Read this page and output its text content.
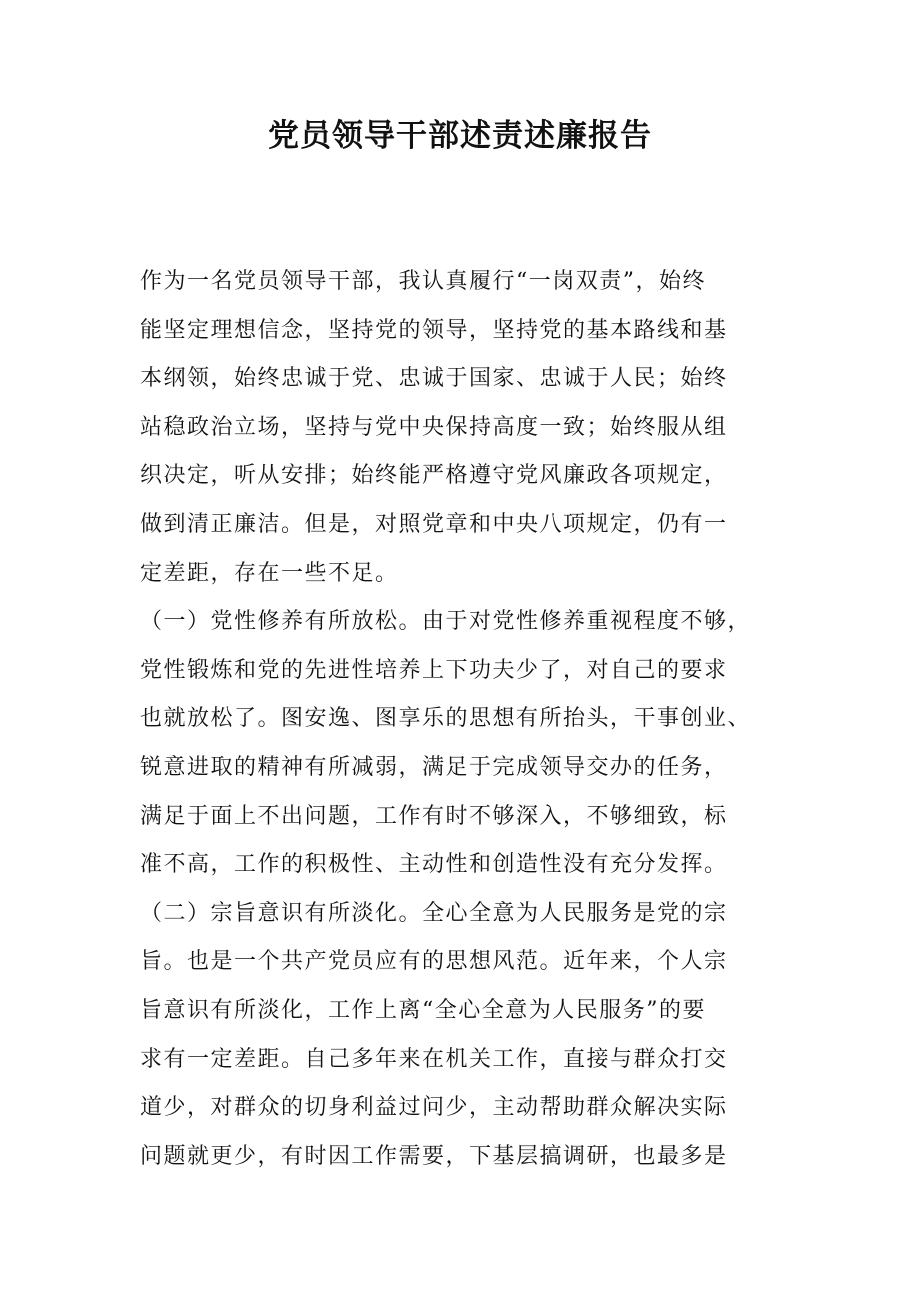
党员领导干部述责述廉报告
作为一名党员领导干部，我认真履行“一岗双责”，始终
能坚定理想信念，坚持党的领导，坚持党的基本路线和基
本纲领，始终忠诚于党、忠诚于国家、忠诚于人民；始终
站稳政治立场，坚持与党中央保持高度一致；始终服从组
织决定，听从安排；始终能严格遵守党风廉政各项规定，
做到清正廉洁。但是，对照党章和中央八项规定，仍有一
定差距，存在一些不足。
（一）党性修养有所放松。由于对党性修养重视程度不够，
党性锻炼和党的先进性培养上下功夫少了，对自己的要求
也就放松了。图安逸、图享乐的思想有所抬头，干事创业、
锐意进取的精神有所减弱，满足于完成领导交办的任务，
满足于面上不出问题，工作有时不够深入，不够细致，标
准不高，工作的积极性、主动性和创造性没有充分发挥。
（二）宗旨意识有所淡化。全心全意为人民服务是党的宗
旨。也是一个共产党员应有的思想风范。近年来，个人宗
旨意识有所淡化，工作上离“全心全意为人民服务”的要
求有一定差距。自己多年来在机关工作，直接与群众打交
道少，对群众的切身利益过问少，主动帮助群众解决实际
问题就更少，有时因工作需要，下基层搞调研，也最多是
